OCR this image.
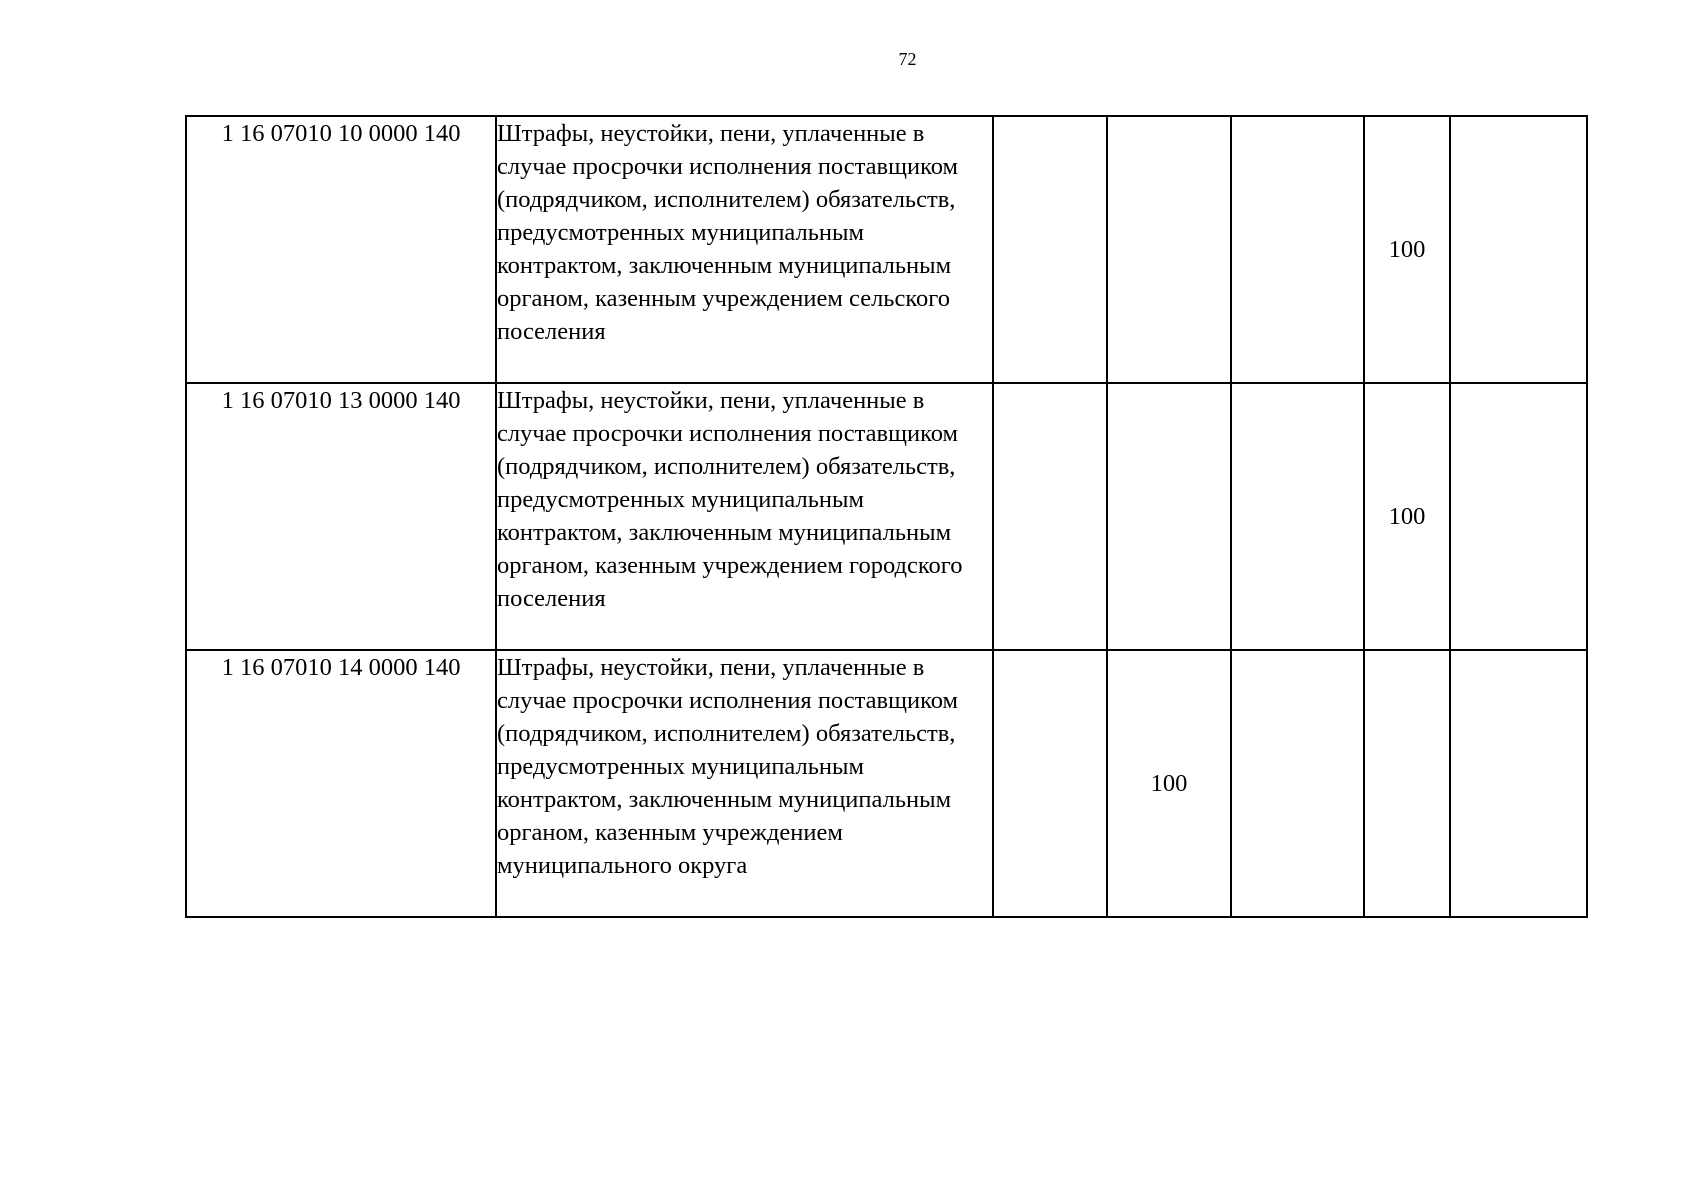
72
1 16 07010 10 0000 140	Штрафы, неустойки, пени, уплаченные в случае просрочки исполнения поставщиком (подрядчиком, исполнителем) обязательств, предусмотренных муниципальным контрактом, заключенным муниципальным органом, казенным учреждением сельского поселения				100	
1 16 07010 13 0000 140	Штрафы, неустойки, пени, уплаченные в случае просрочки исполнения поставщиком (подрядчиком, исполнителем) обязательств, предусмотренных муниципальным контрактом, заключенным муниципальным органом, казенным учреждением городского поселения				100	
1 16 07010 14 0000 140	Штрафы, неустойки, пени, уплаченные в случае просрочки исполнения поставщиком (подрядчиком, исполнителем) обязательств, предусмотренных муниципальным контрактом, заключенным муниципальным органом, казенным учреждением муниципального округа		100			
